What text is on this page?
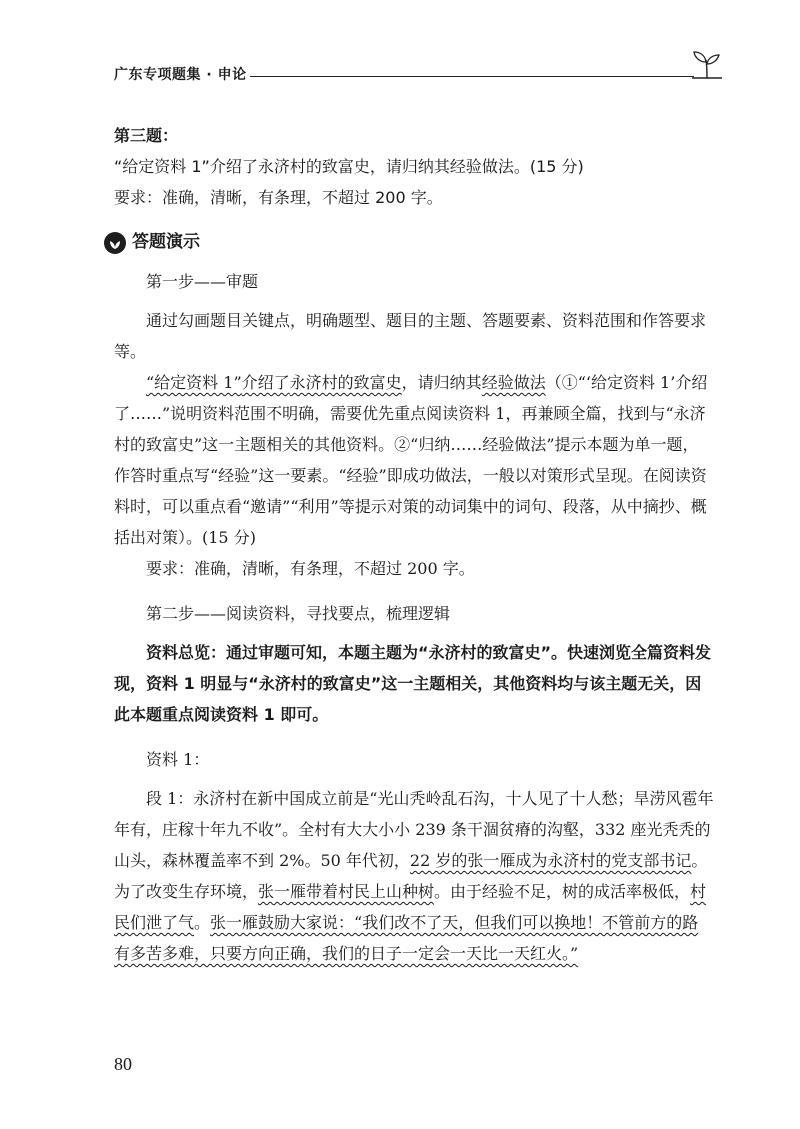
广东专项题集 · 申论

第三题：

“给定资料 1”介绍了永济村的致富史，请归纳其经验做法。(15 分)

要求：准确，清晰，有条理，不超过 200 字。

答题演示

第一步——审题

通过勾画题目关键点，明确题型、题目的主题、答题要素、资料范围和作答要求等。

“给定资料 1”介绍了永济村的致富史，请归纳其经验做法（①“‘给定资料 1’介绍了……”说明资料范围不明确，需要优先重点阅读资料 1，再兼顾全篇，找到与“永济村的致富史”这一主题相关的其他资料。②“归纳……经验做法”提示本题为单一题，作答时重点写“经验”这一要素。“经验”即成功做法，一般以对策形式呈现。在阅读资料时，可以重点看“邀请”“利用”等提示对策的动词集中的词句、段落，从中摘抄、概括出对策）。(15 分)

要求：准确，清晰，有条理，不超过 200 字。

第二步——阅读资料，寻找要点，梳理逻辑

资料总览：通过审题可知，本题主题为“永济村的致富史”。快速浏览全篇资料发现，资料 1 明显与“永济村的致富史”这一主题相关，其他资料均与该主题无关，因此本题重点阅读资料 1 即可。

资料 1：

段 1：永济村在新中国成立前是“光山秃岭乱石沟，十人见了十人愁；旱涝风雹年年有，庄稼十年九不收”。全村有大大小小 239 条干涸贫瘠的沟壑，332 座光秃秃的山头，森林覆盖率不到 2%。50 年代初，22 岁的张一雁成为永济村的党支部书记。为了改变生存环境，张一雁带着村民上山种树。由于经验不足，树的成活率极低，村民们泄了气。张一雁鼓励大家说：“我们改不了天，但我们可以换地！不管前方的路有多苦多难，只要方向正确，我们的日子一定会一天比一天红火。”

80
